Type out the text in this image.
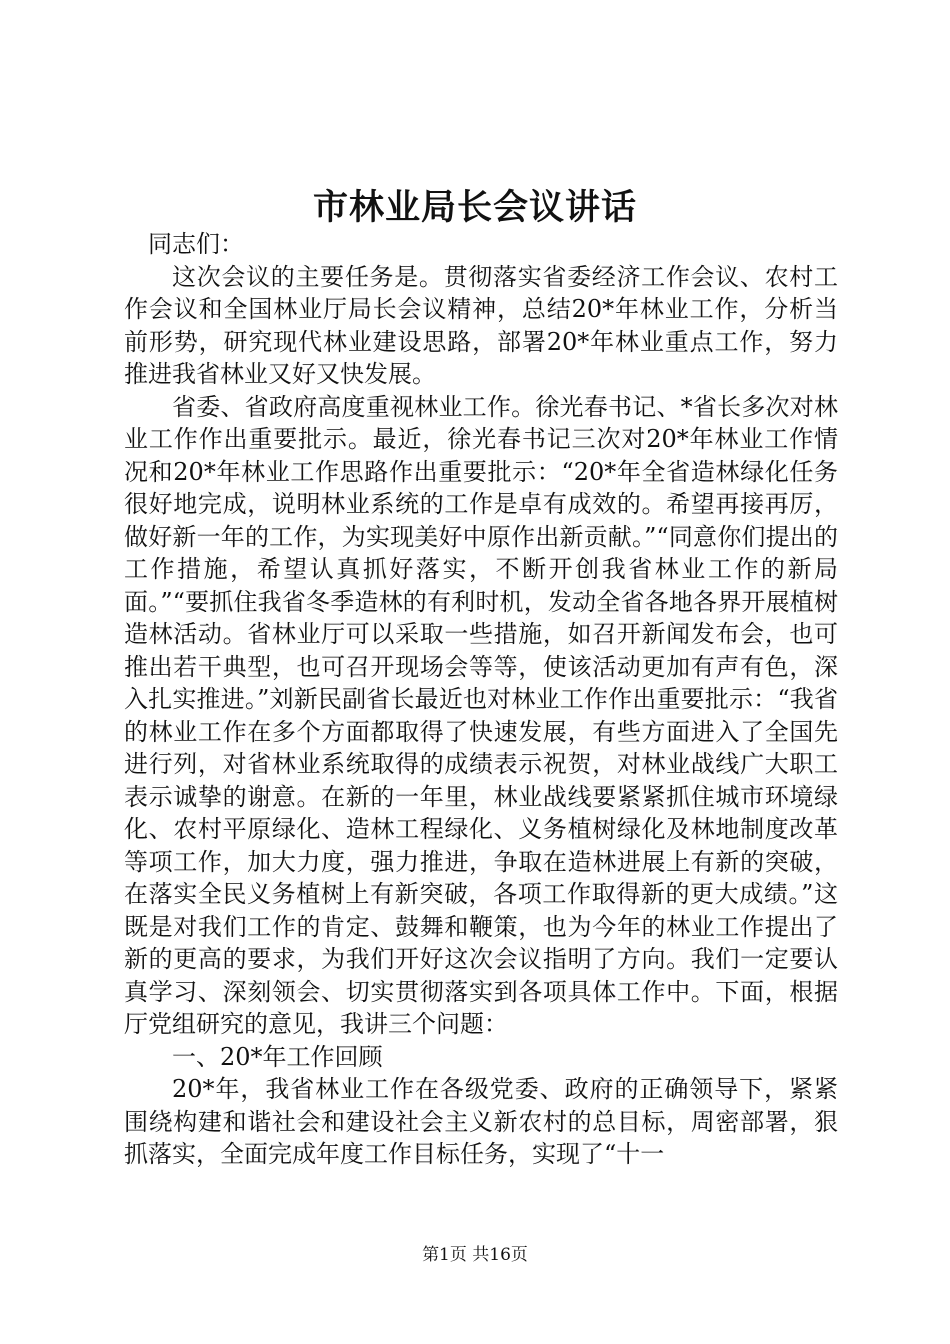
市林业局长会议讲话

同志们：

这次会议的主要任务是。贯彻落实省委经济工作会议、农村工作会议和全国林业厅局长会议精神，总结20*年林业工作，分析当前形势，研究现代林业建设思路，部署20*年林业重点工作，努力推进我省林业又好又快发展。

省委、省政府高度重视林业工作。徐光春书记、*省长多次对林业工作作出重要批示。最近，徐光春书记三次对20*年林业工作情况和20*年林业工作思路作出重要批示：“20*年全省造林绿化任务很好地完成，说明林业系统的工作是卓有成效的。希望再接再厉，做好新一年的工作，为实现美好中原作出新贡献。”“同意你们提出的工作措施，希望认真抓好落实，不断开创我省林业工作的新局面。”“要抓住我省冬季造林的有利时机，发动全省各地各界开展植树造林活动。省林业厅可以采取一些措施，如召开新闻发布会，也可推出若干典型，也可召开现场会等等，使该活动更加有声有色，深入扎实推进。”刘新民副省长最近也对林业工作作出重要批示：“我省的林业工作在多个方面都取得了快速发展，有些方面进入了全国先进行列，对省林业系统取得的成绩表示祝贺，对林业战线广大职工表示诚挚的谢意。在新的一年里，林业战线要紧紧抓住城市环境绿化、农村平原绿化、造林工程绿化、义务植树绿化及林地制度改革等项工作，加大力度，强力推进，争取在造林进展上有新的突破，在落实全民义务植树上有新突破，各项工作取得新的更大成绩。”这既是对我们工作的肯定、鼓舞和鞭策，也为今年的林业工作提出了新的更高的要求，为我们开好这次会议指明了方向。我们一定要认真学习、深刻领会、切实贯彻落实到各项具体工作中。下面，根据厅党组研究的意见，我讲三个问题：

一、20*年工作回顾

20*年，我省林业工作在各级党委、政府的正确领导下，紧紧围绕构建和谐社会和建设社会主义新农村的总目标，周密部署，狠抓落实，全面完成年度工作目标任务，实现了“十一

第1页 共16页
